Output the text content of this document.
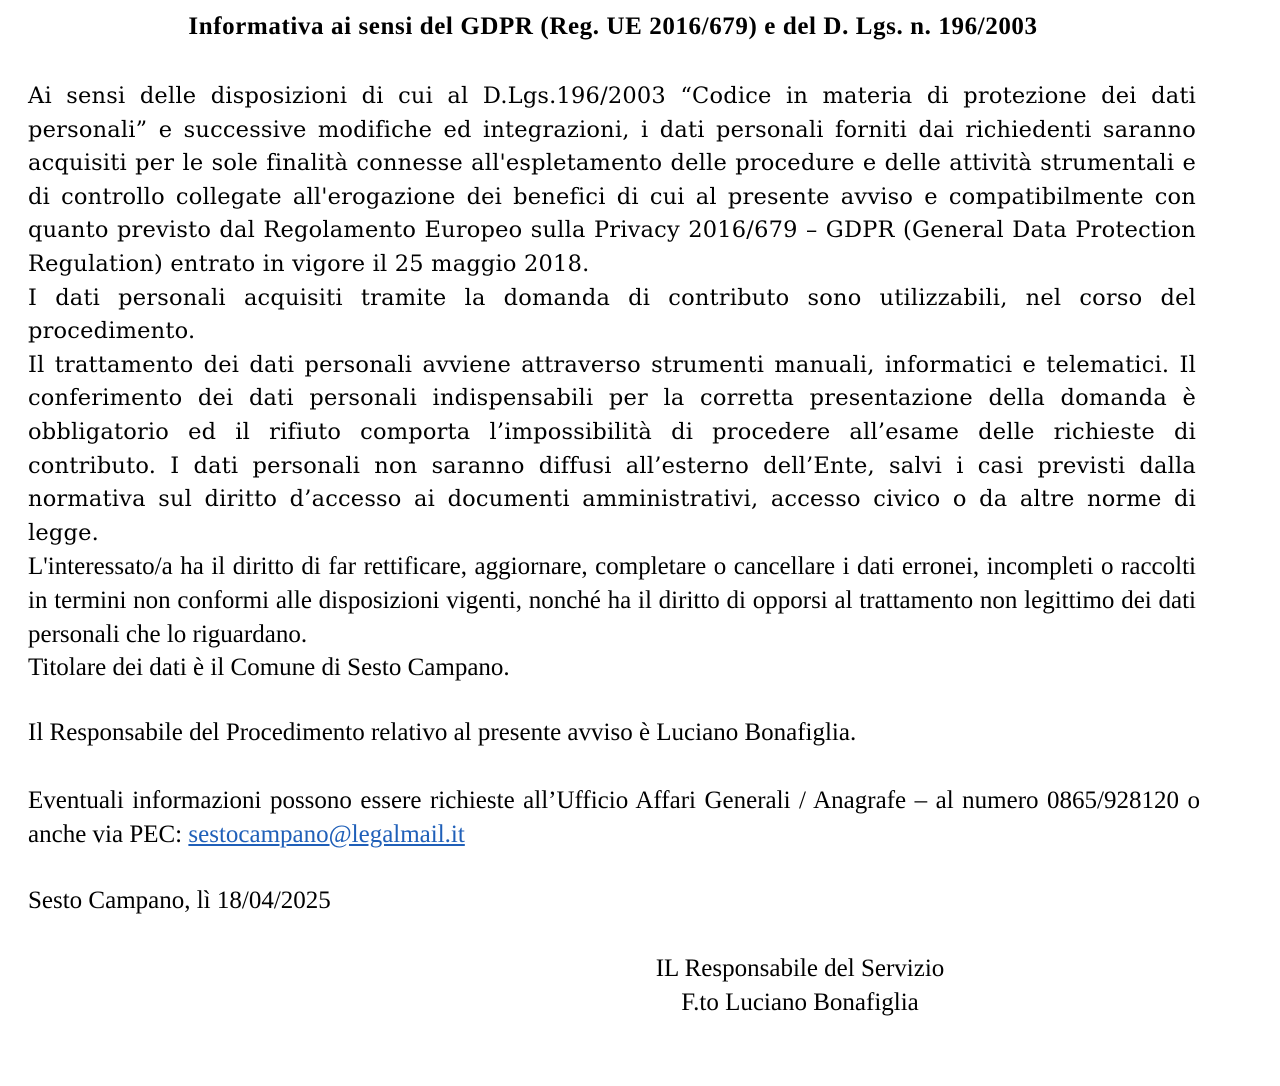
Informativa ai sensi del GDPR (Reg. UE 2016/679) e del D. Lgs. n. 196/2003

Ai sensi delle disposizioni di cui al D.Lgs.196/2003 “Codice in materia di protezione dei dati personali” e successive modifiche ed integrazioni, i dati personali forniti dai richiedenti saranno acquisiti per le sole finalità connesse all'espletamento delle procedure e delle attività strumentali e di controllo collegate all'erogazione dei benefici di cui al presente avviso e compatibilmente con quanto previsto dal Regolamento Europeo sulla Privacy 2016/679 – GDPR (General Data Protection Regulation) entrato in vigore il 25 maggio 2018.

I dati personali acquisiti tramite la domanda di contributo sono utilizzabili, nel corso del procedimento.

Il trattamento dei dati personali avviene attraverso strumenti manuali, informatici e telematici. Il conferimento dei dati personali indispensabili per la corretta presentazione della domanda è obbligatorio ed il rifiuto comporta l’impossibilità di procedere all’esame delle richieste di contributo. I dati personali non saranno diffusi all’esterno dell’Ente, salvi i casi previsti dalla normativa sul diritto d’accesso ai documenti amministrativi, accesso civico o da altre norme di legge.

L'interessato/a ha il diritto di far rettificare, aggiornare, completare o cancellare i dati erronei, incompleti o raccolti in termini non conformi alle disposizioni vigenti, nonché ha il diritto di opporsi al trattamento non legittimo dei dati personali che lo riguardano.

Titolare dei dati è il Comune di Sesto Campano.

Il Responsabile del Procedimento relativo al presente avviso è Luciano Bonafiglia.

Eventuali informazioni possono essere richieste all’Ufficio Affari Generali / Anagrafe – al numero 0865/928120 o anche via PEC: sestocampano@legalmail.it

Sesto Campano, lì 18/04/2025

IL Responsabile del Servizio
F.to Luciano Bonafiglia
